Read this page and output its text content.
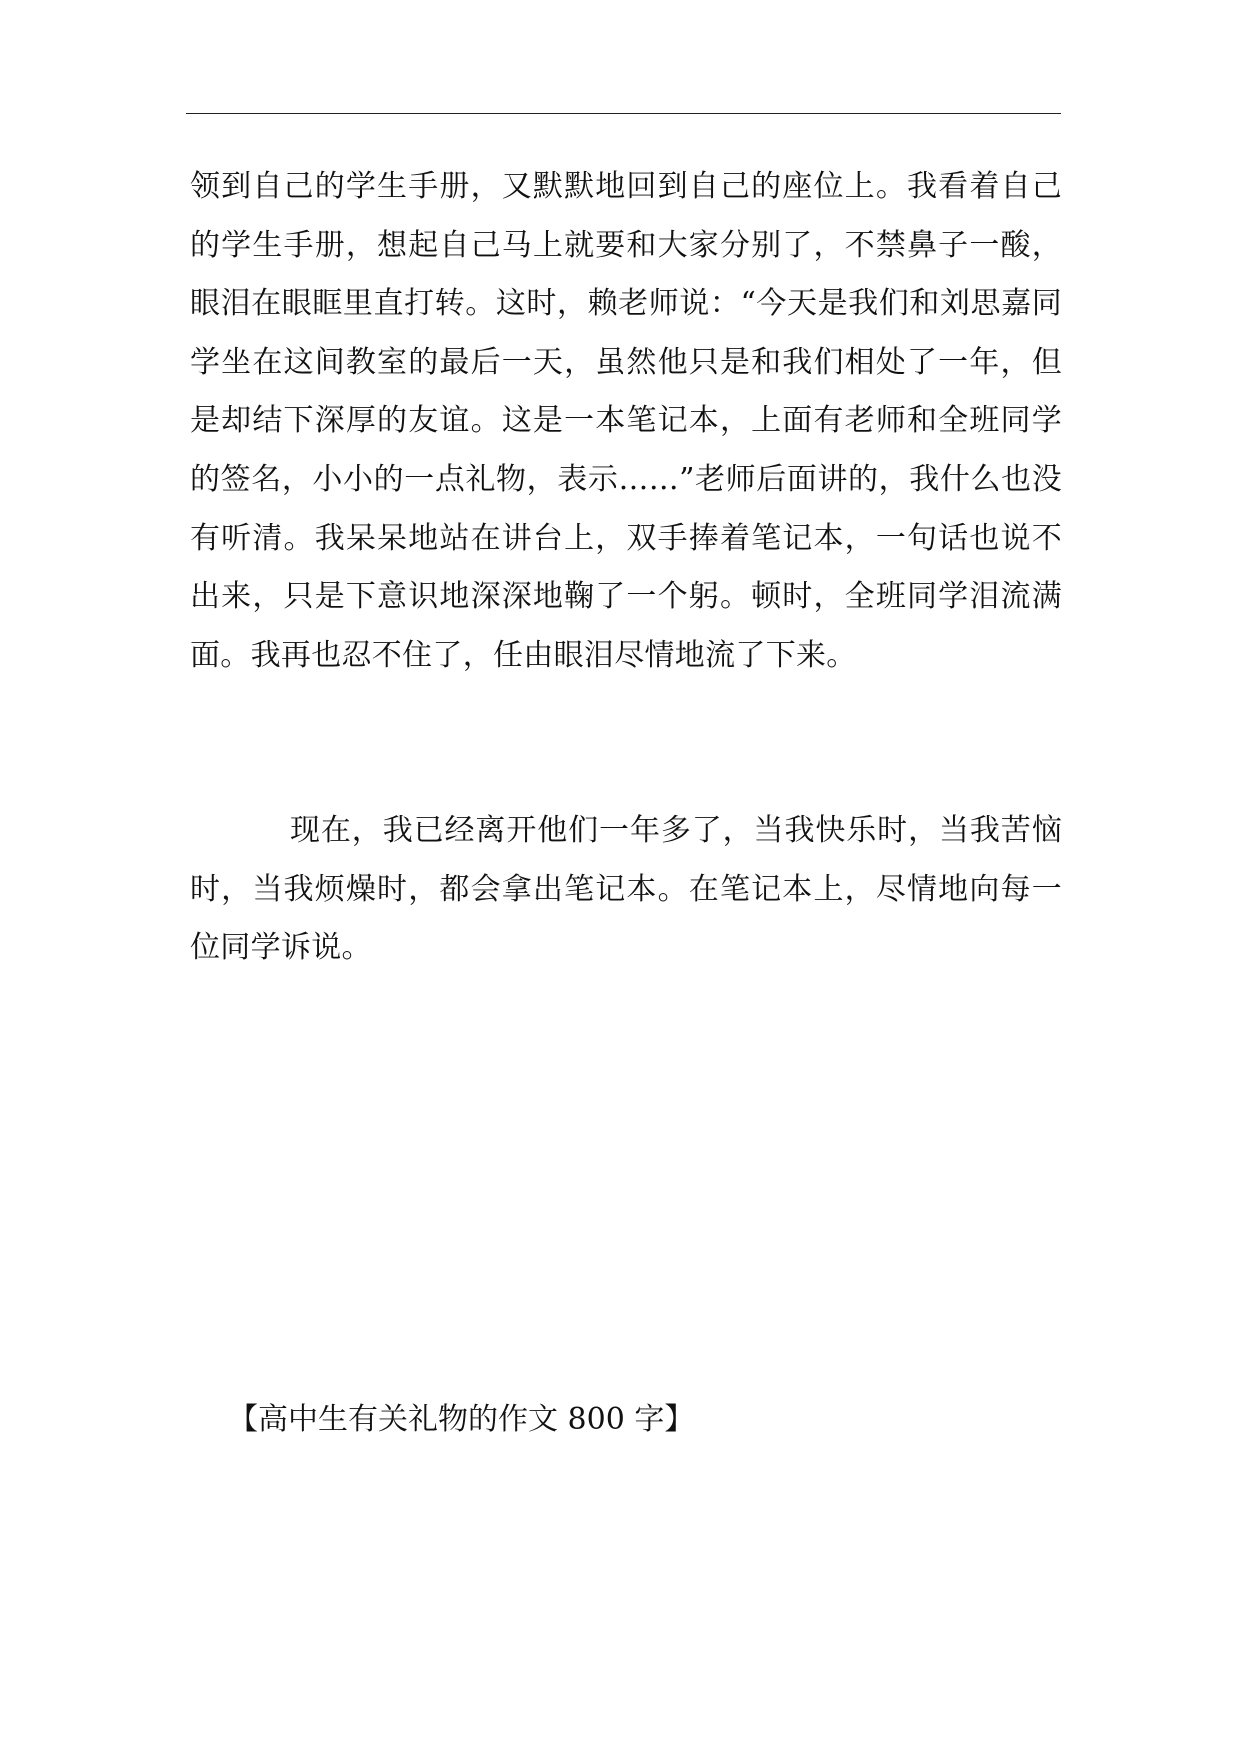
领到自己的学生手册，又默默地回到自己的座位上。我看着自己的学生手册，想起自己马上就要和大家分别了，不禁鼻子一酸，眼泪在眼眶里直打转。这时，赖老师说：“今天是我们和刘思嘉同学坐在这间教室的最后一天，虽然他只是和我们相处了一年，但是却结下深厚的友谊。这是一本笔记本，上面有老师和全班同学的签名，小小的一点礼物，表示……”老师后面讲的，我什么也没有听清。我呆呆地站在讲台上，双手捧着笔记本，一句话也说不出来，只是下意识地深深地鞠了一个躬。顿时，全班同学泪流满面。我再也忍不住了，任由眼泪尽情地流了下来。

现在，我已经离开他们一年多了，当我快乐时，当我苦恼时，当我烦燥时，都会拿出笔记本。在笔记本上，尽情地向每一位同学诉说。

【高中生有关礼物的作文 800 字】
